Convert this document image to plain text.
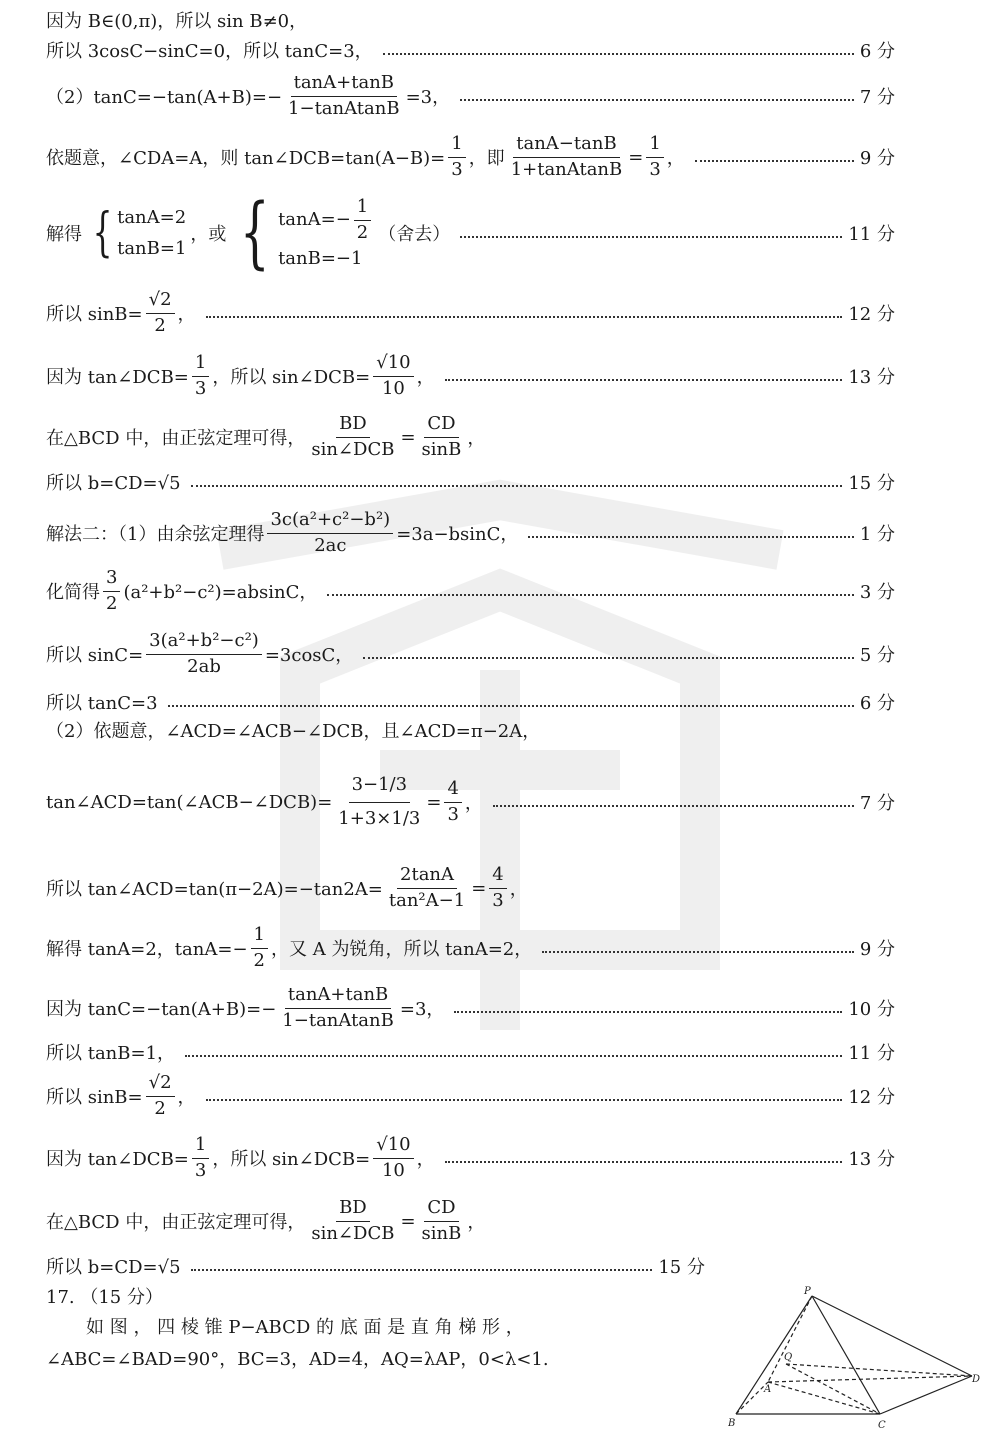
因为 B∈(0,π)，所以 sin B≠0，
所以 3cosC−sinC=0，所以 tanC=3，	6 分
$(2)\tan C=-\tan(A+B)=- \frac{\tan A+\tan B}{\text{1−tanAtanB}} =3$，	7 分
依题意，∠CDA=A，则 tan∠DCB=tan(A−B)= $\frac{1}{3}$ ，即 $\frac{\tan A-\tan B}{\text{1+tanAtanB}} = \frac{1}{3}$ ，	9 分
解得 { tanA=2
tanB=1
，或 { $\tan A=- \frac{1}{2}$
tanB=−1
（舍去）	11 分
所以 $\sin B= \frac{√2}{2}$ ，	12 分
因为 tan∠DCB= $\frac{1}{3}$ ，所以 sin∠DCB= $\frac{√10}{10}$ ，	13 分
在△BCD 中，由正弦定理可得， $\frac{BD}{\text{sin∠DCB}} = \frac{CD}{\sin B}$ ，
所以 b=CD=√5	15 分
解法二：（1）由余弦定理得 $\frac{\text{3c(a²+c²−b²)}}{2ac} =3a-bsinC$，	1 分
化简得 $\frac{3}{2} (a^2+b^2-c^2)=absinC$，	3 分
所以 $\sin C= \frac{\text{3(a²+b²−c²)}}{2ab} =3\cos C$，	5 分
所以 tanC=3	6 分
（2）依题意，∠ACD=∠ACB−∠DCB，且∠ACD=π−2A，
tan∠ACD=tan(∠ACB−∠DCB)= $\frac{3-1/3}{1+3\times 1/3} = \frac{4}{3}$ ，	7 分
所以 tan∠ACD=tan(π−2A)=−tan2A= $\frac{2\tan A}{\text{tan²A−1}} = \frac{4}{3}$ ，
解得 tanA=2，$\tan A=- \frac{1}{2}$ ，又 A 为锐角，所以 tanA=2，	9 分
因为 $\tan C=-\tan(A+B)=- \frac{\tan A+\tan B}{\text{1−tanAtanB}} =3$，	10 分
所以 tanB=1，	11 分
所以 $\sin B= \frac{√2}{2}$ ，	12 分
因为 tan∠DCB= $\frac{1}{3}$ ，所以 sin∠DCB= $\frac{√10}{10}$ ，	13 分
在△BCD 中，由正弦定理可得， $\frac{BD}{\text{sin∠DCB}} = \frac{CD}{\sin B}$ ，
所以 b=CD=√5	15 分
17. （15 分）
如 图 ， 四 棱 锥 P−ABCD 的 底 面 是 直 角 梯 形 ，
∠ABC=∠BAD=90°，BC=3，AD=4，AQ=λAP，0<λ<1.
P
Q
A
B	C
D
